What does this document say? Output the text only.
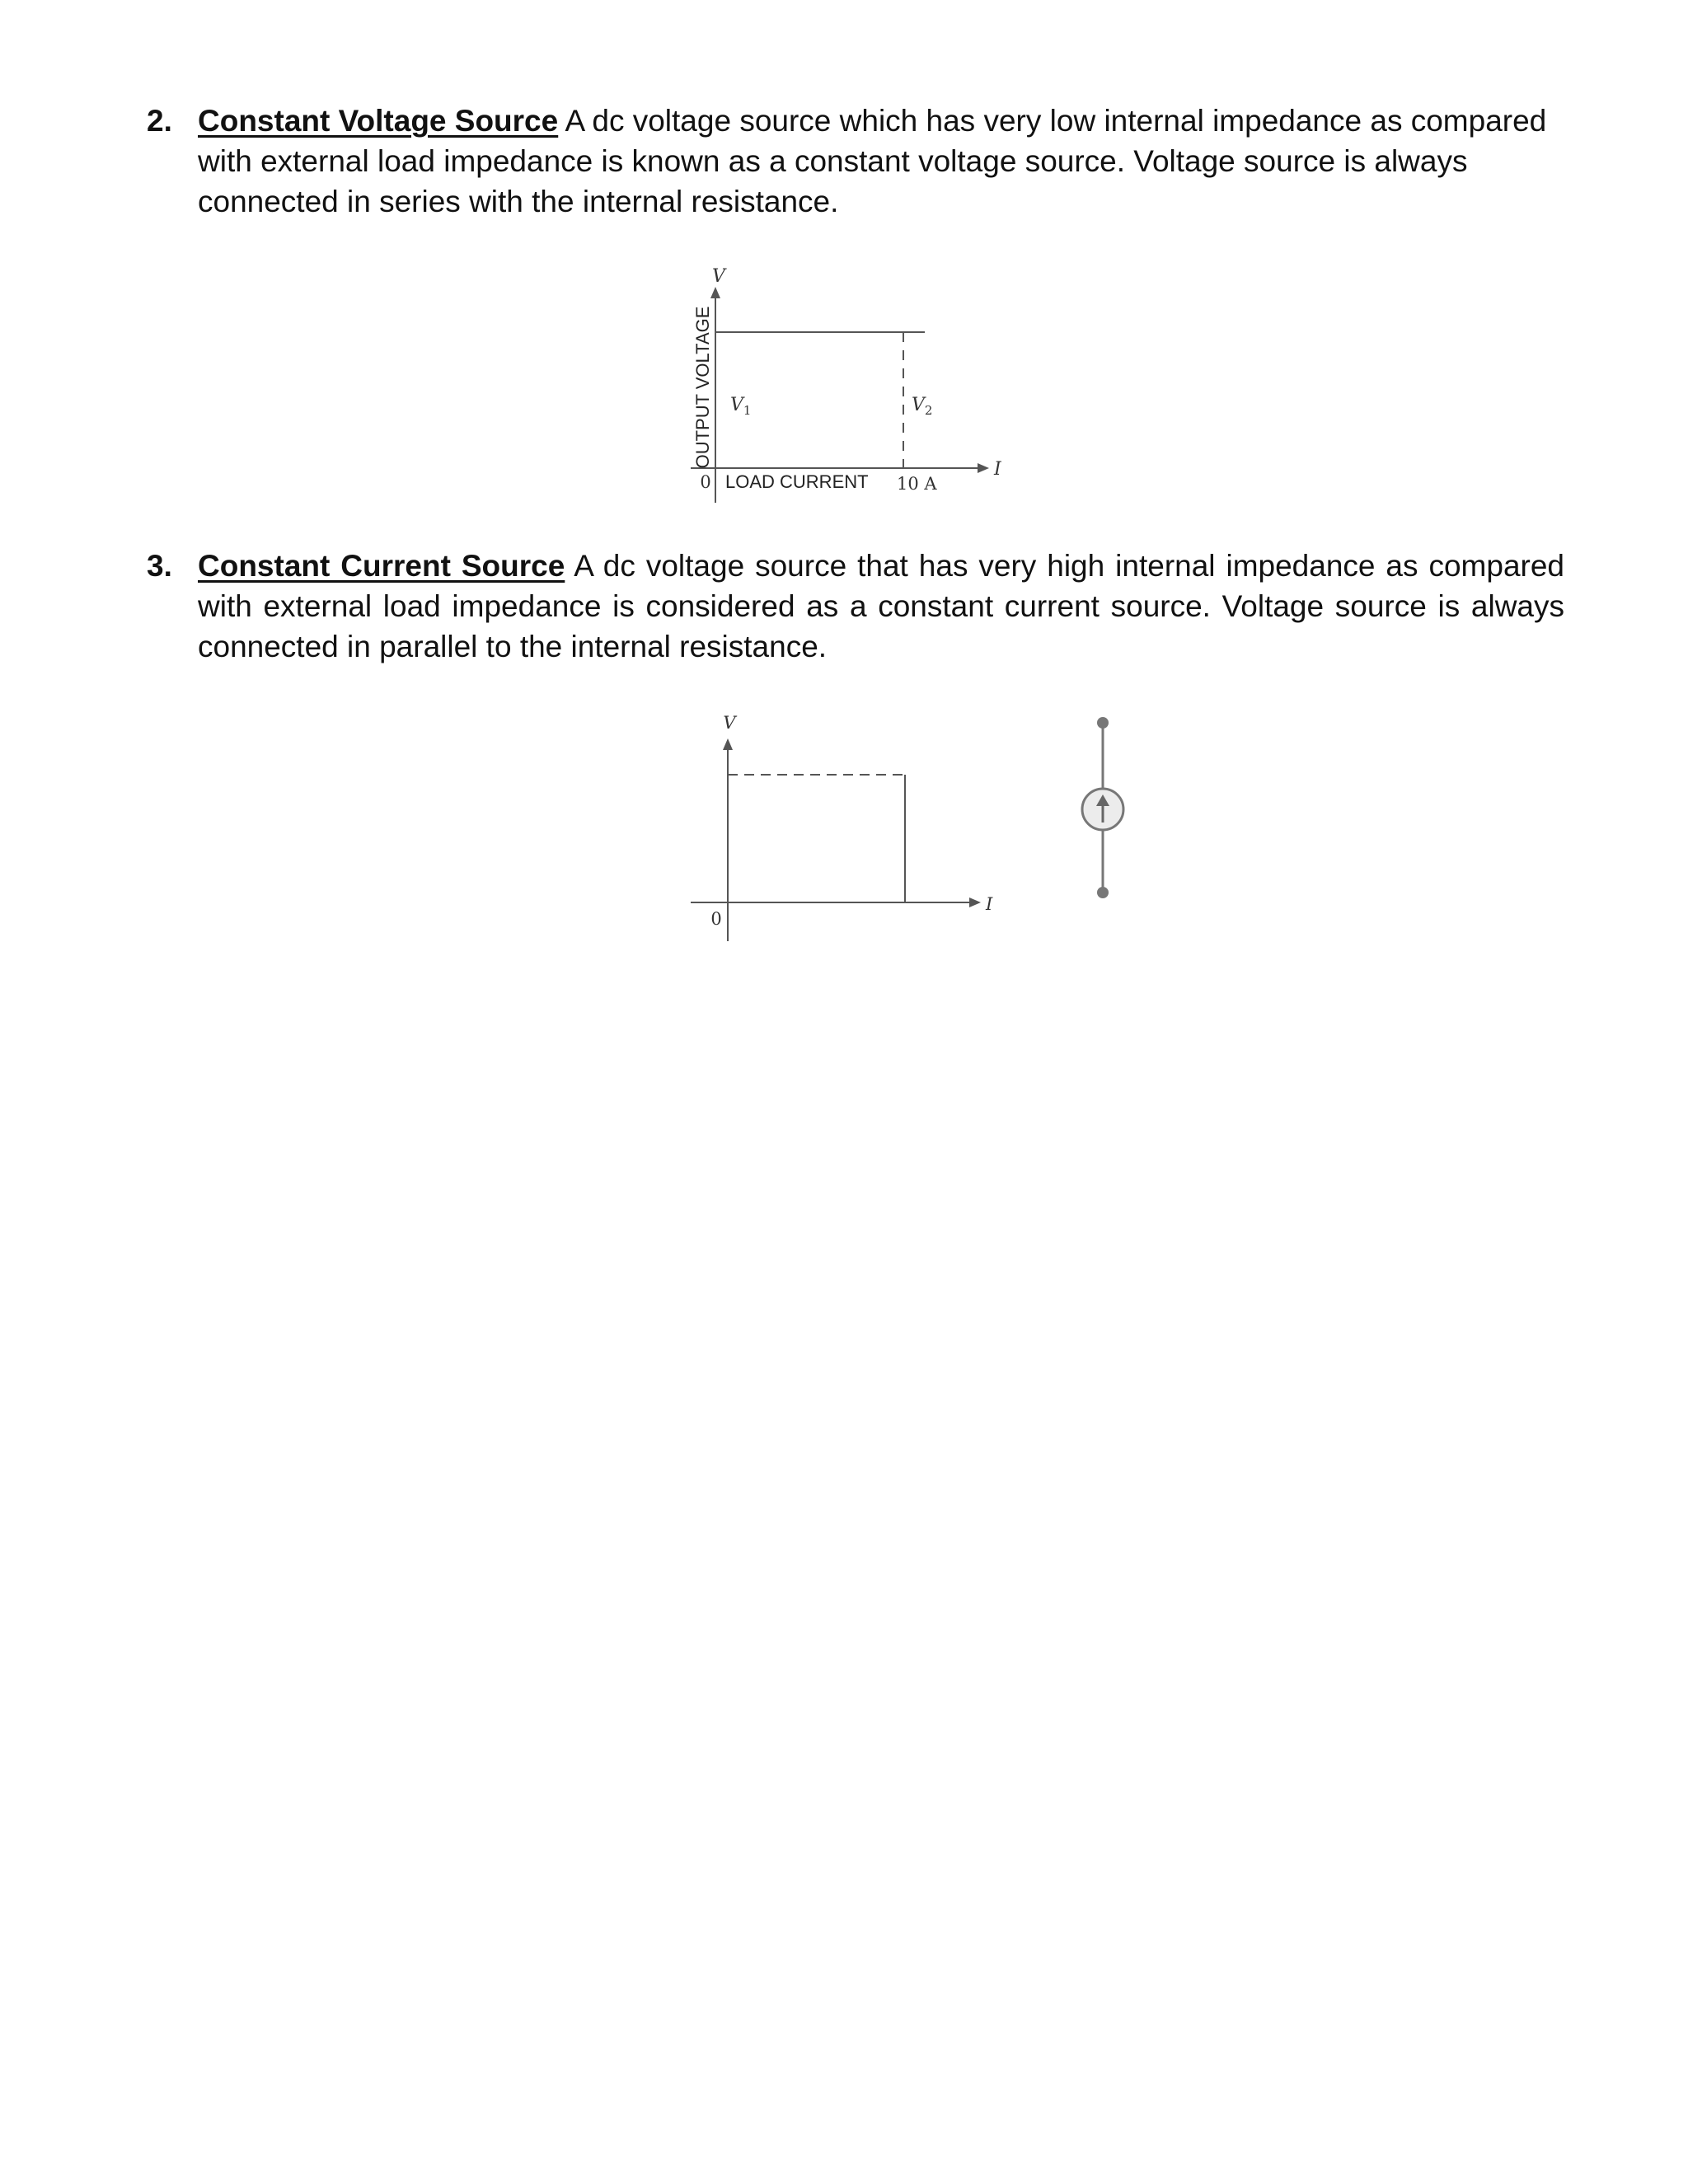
2. Constant Voltage Source A dc voltage source which has very low internal impedance as compared with external load impedance is known as a constant voltage source. Voltage source is always connected in series with the internal resistance.
V
I
OUTPUT VOLTAGE
LOAD CURRENT
0	10 A
$V_1$	$V_2$
3. Constant Current Source A dc voltage source that has very high internal impedance as compared with external load impedance is considered as a constant current source. Voltage source is always connected in parallel to the internal resistance.
V
I
0
